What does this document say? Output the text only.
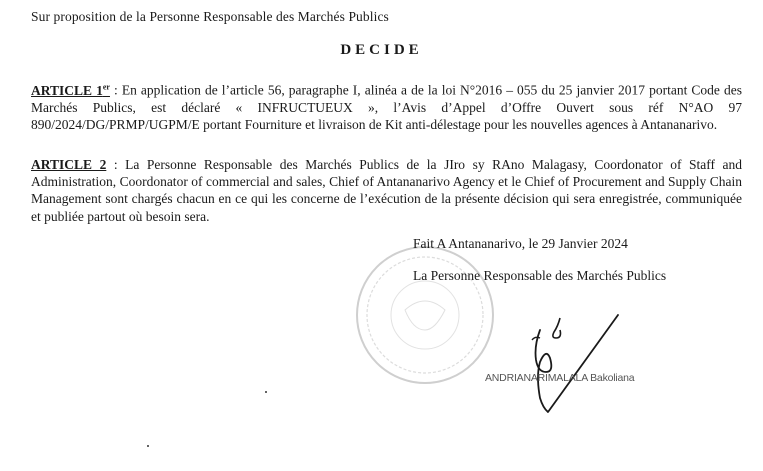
Sur proposition de la Personne Responsable des Marchés Publics
DECIDE
ARTICLE 1er : En application de l’article 56, paragraphe I, alinéa a de la loi N°2016 – 055 du 25 janvier 2017 portant Code des Marchés Publics, est déclaré « INFRUCTUEUX », l’Avis d’Appel d’Offre Ouvert sous réf N°AO 97 890/2024/DG/PRMP/UGPM/E portant Fourniture et livraison de Kit anti-délestage pour les nouvelles agences à Antananarivo.
ARTICLE 2 : La Personne Responsable des Marchés Publics de la JIro sy RAno Malagasy, Coordonator of Staff and Administration, Coordonator of commercial and sales, Chief of Antananarivo Agency et le Chief of Procurement and Supply Chain Management sont chargés chacun en ce qui les concerne de l’exécution de la présente décision qui sera enregistrée, communiquée et publiée partout où besoin sera.
Fait A Antananarivo, le 29 Janvier 2024
La Personne Responsable des Marchés Publics
ANDRIANARIMALALA Bakoliana
